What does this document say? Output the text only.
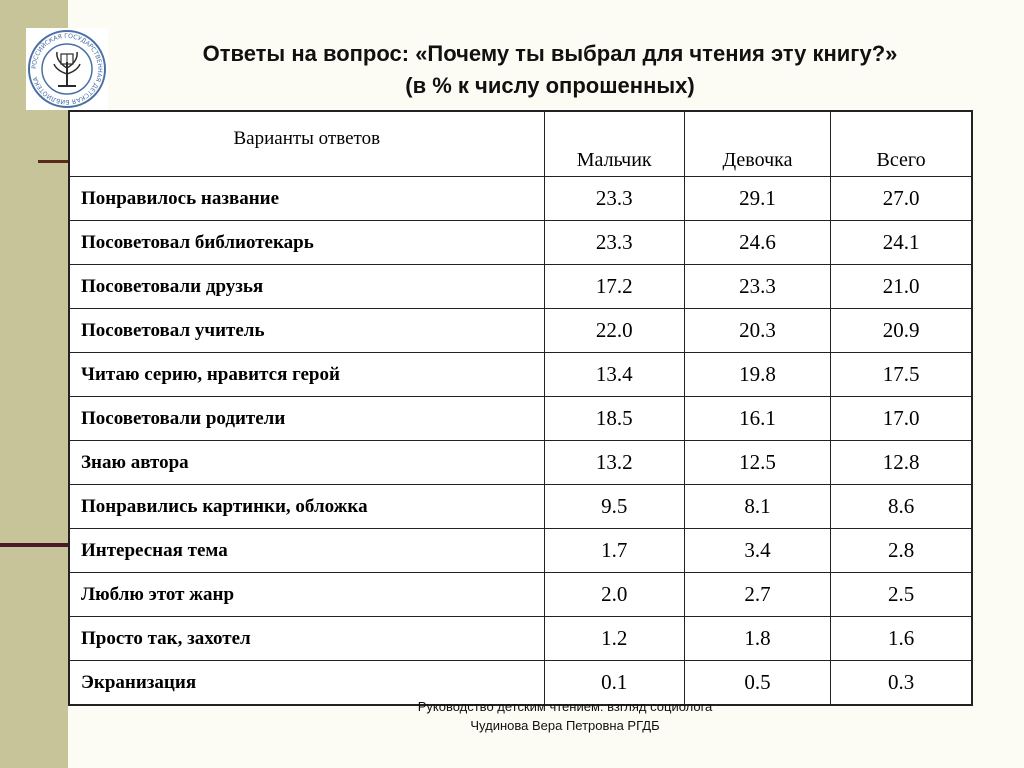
РОССИЙСКАЯ ГОСУДАРСТВЕННАЯ ДЕТСКАЯ БИБЛИОТЕКА
Ответы на вопрос: «Почему ты выбрал для чтения эту книгу?»
(в % к числу опрошенных)
Варианты ответов	Мальчик	Девочка	Всего
Понравилось название	23.3	29.1	27.0
Посоветовал библиотекарь	23.3	24.6	24.1
Посоветовали друзья	17.2	23.3	21.0
Посоветовал учитель	22.0	20.3	20.9
Читаю серию, нравится герой	13.4	19.8	17.5
Посоветовали родители	18.5	16.1	17.0
Знаю автора	13.2	12.5	12.8
Понравились картинки, обложка	9.5	8.1	8.6
Интересная тема	1.7	3.4	2.8
Люблю этот жанр	2.0	2.7	2.5
Просто так, захотел	1.2	1.8	1.6
Экранизация	0.1	0.5	0.3
Руководство детским чтением: взгляд социолога
Чудинова Вера Петровна РГДБ
